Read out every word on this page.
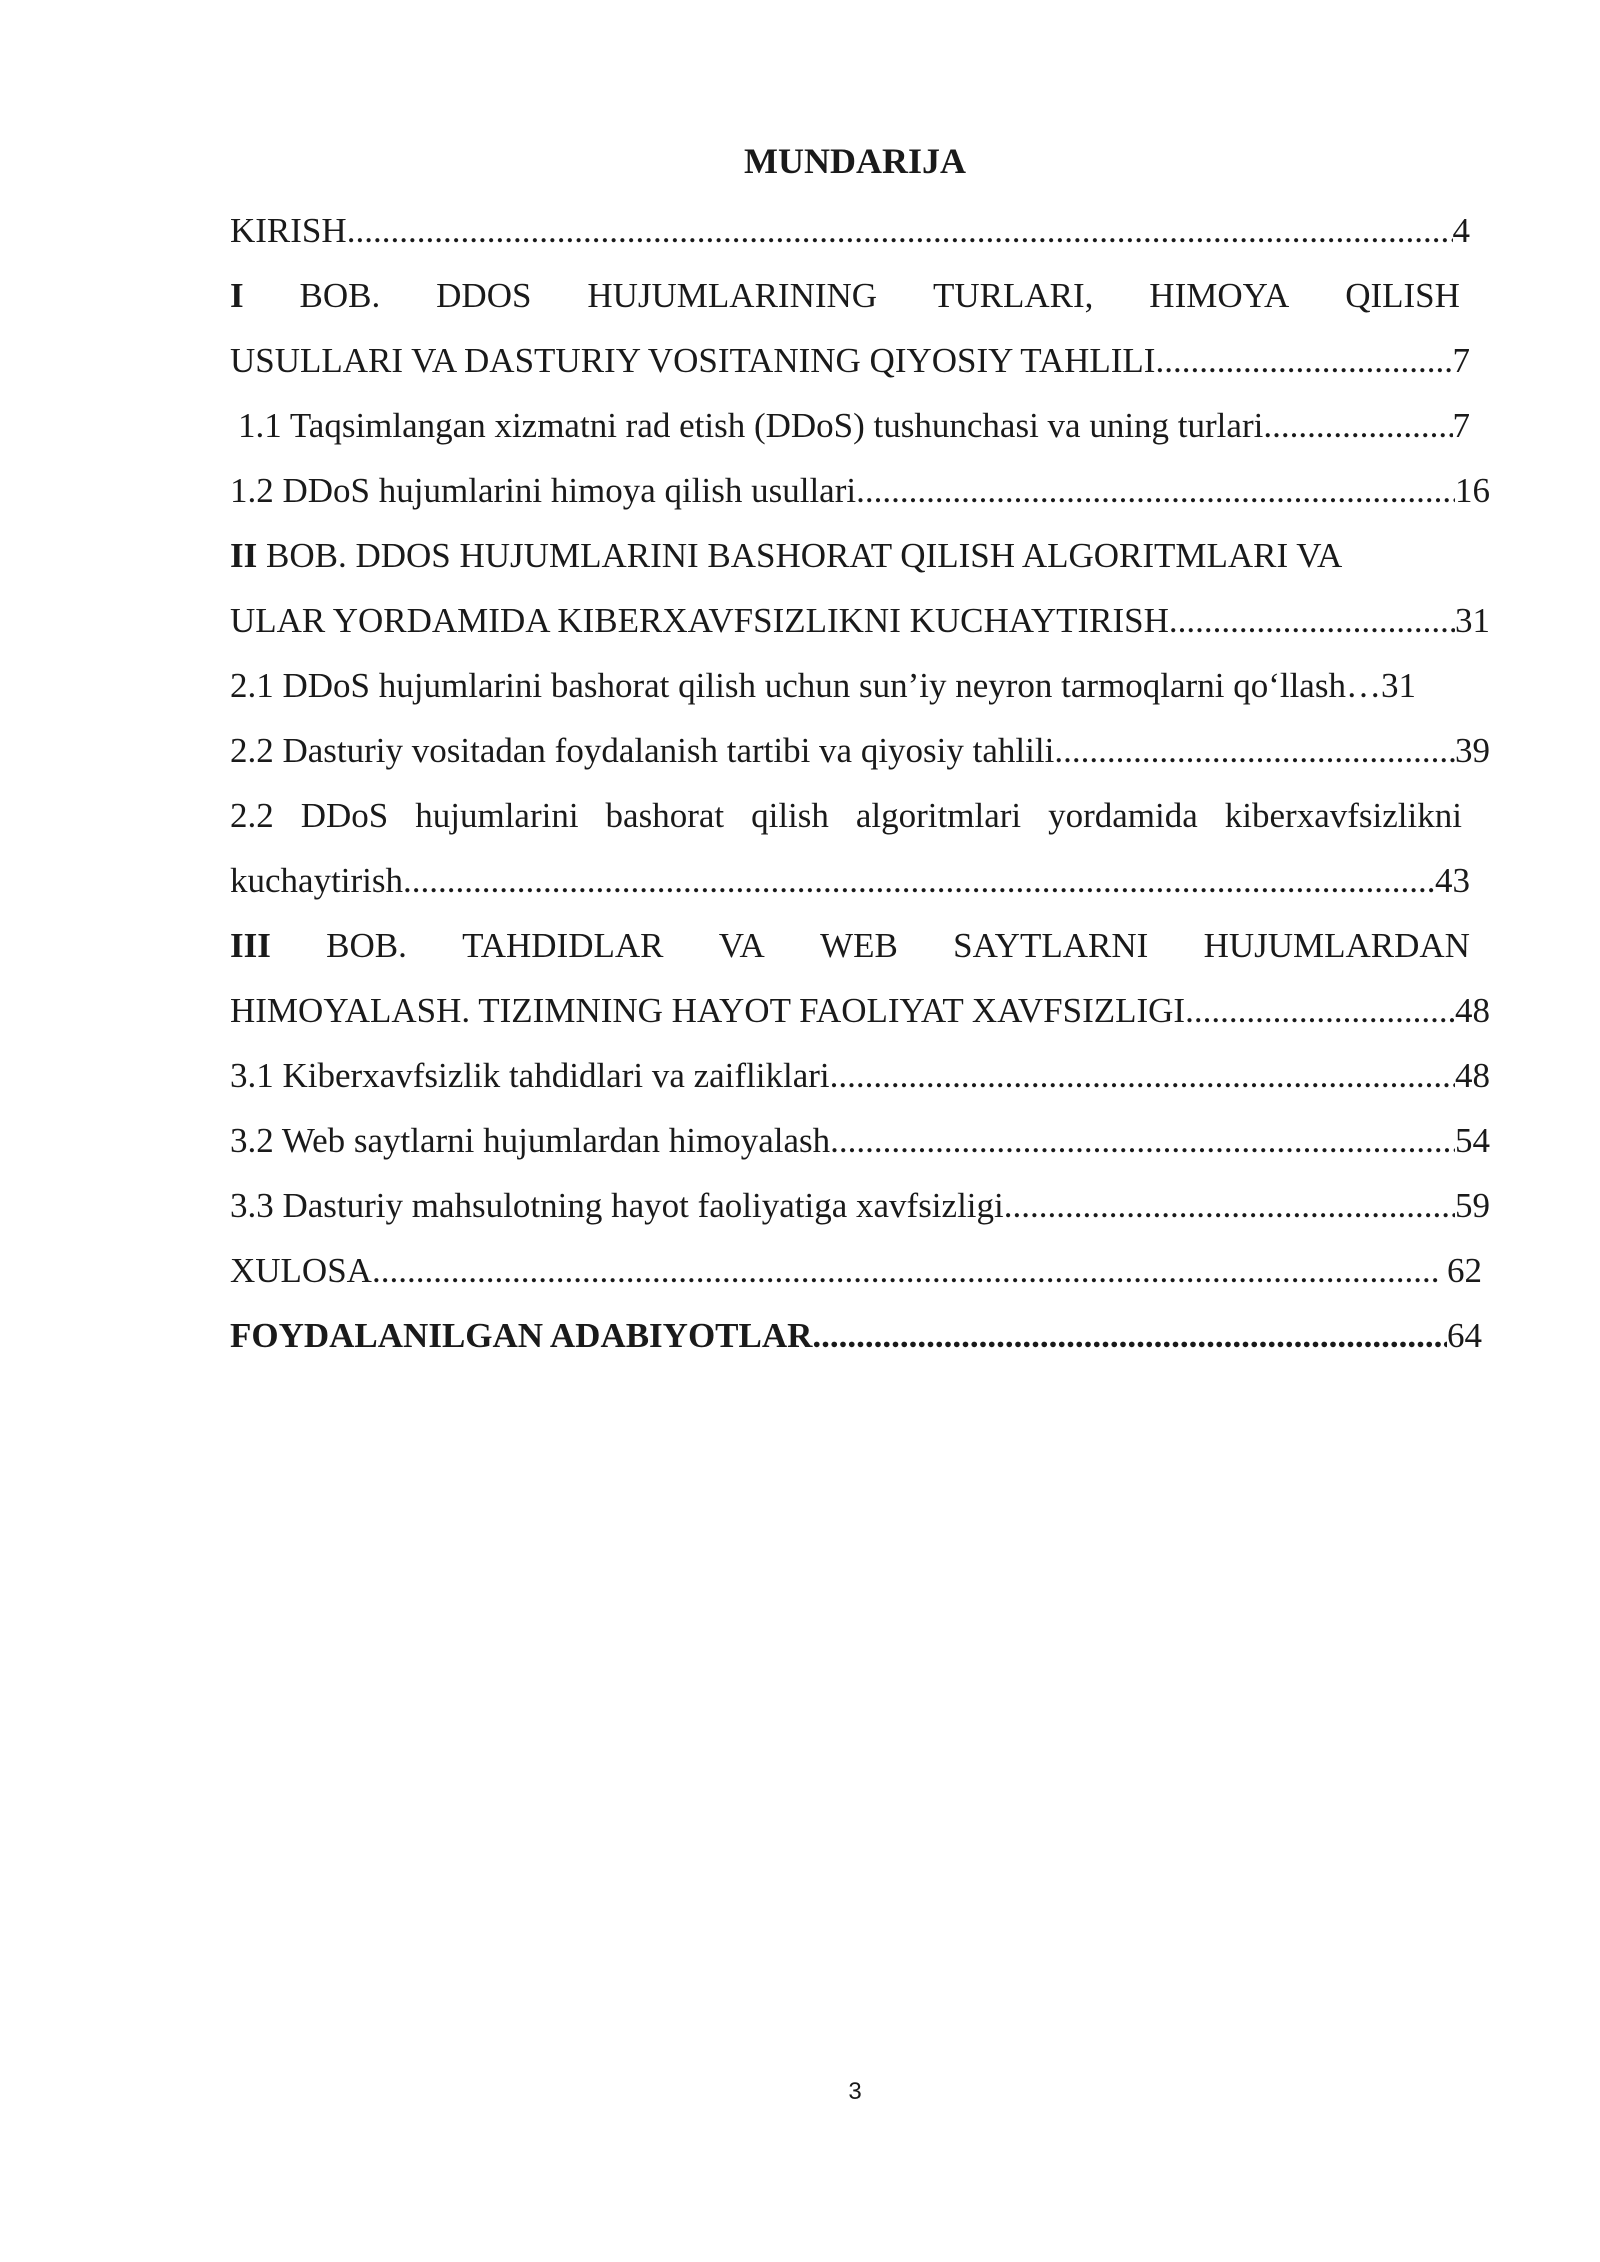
MUNDARIJA
KIRISH .....	4
I BOB. DDOS HUJUMLARINING TURLARI, HIMOYA QILISH
USULLARI VA DASTURIY VOSITANING QIYOSIY TAHLILI .....	7
1.1 Taqsimlangan xizmatni rad etish (DDoS) tushunchasi va uning turlari .....	7
1.2 DDoS hujumlarini himoya qilish usullari .....	16
II BOB. DDOS HUJUMLARINI BASHORAT QILISH ALGORITMLARI VA
ULAR YORDAMIDA KIBERXAVFSIZLIKNI KUCHAYTIRISH .....	31
2.1 DDoS hujumlarini bashorat qilish uchun sun’iy neyron tarmoqlarni qo‘llash … 31
2.2 Dasturiy vositadan foydalanish tartibi va qiyosiy tahlili .....	39
2.2 DDoS hujumlarini bashorat qilish algoritmlari yordamida kiberxavfsizlikni
kuchaytirish .....	43
III BOB. TAHDIDLAR VA WEB SAYTLARNI HUJUMLARDAN
HIMOYALASH. TIZIMNING HAYOT FAOLIYAT XAVFSIZLIGI .....	48
3.1 Kiberxavfsizlik tahdidlari va zaifliklari .....	48
3.2 Web saytlarni hujumlardan himoyalash .....	54
3.3 Dasturiy mahsulotning hayot faoliyatiga xavfsizligi .....	59
XULOSA .....	62
FOYDALANILGAN ADABIYOTLAR .....	64
3
